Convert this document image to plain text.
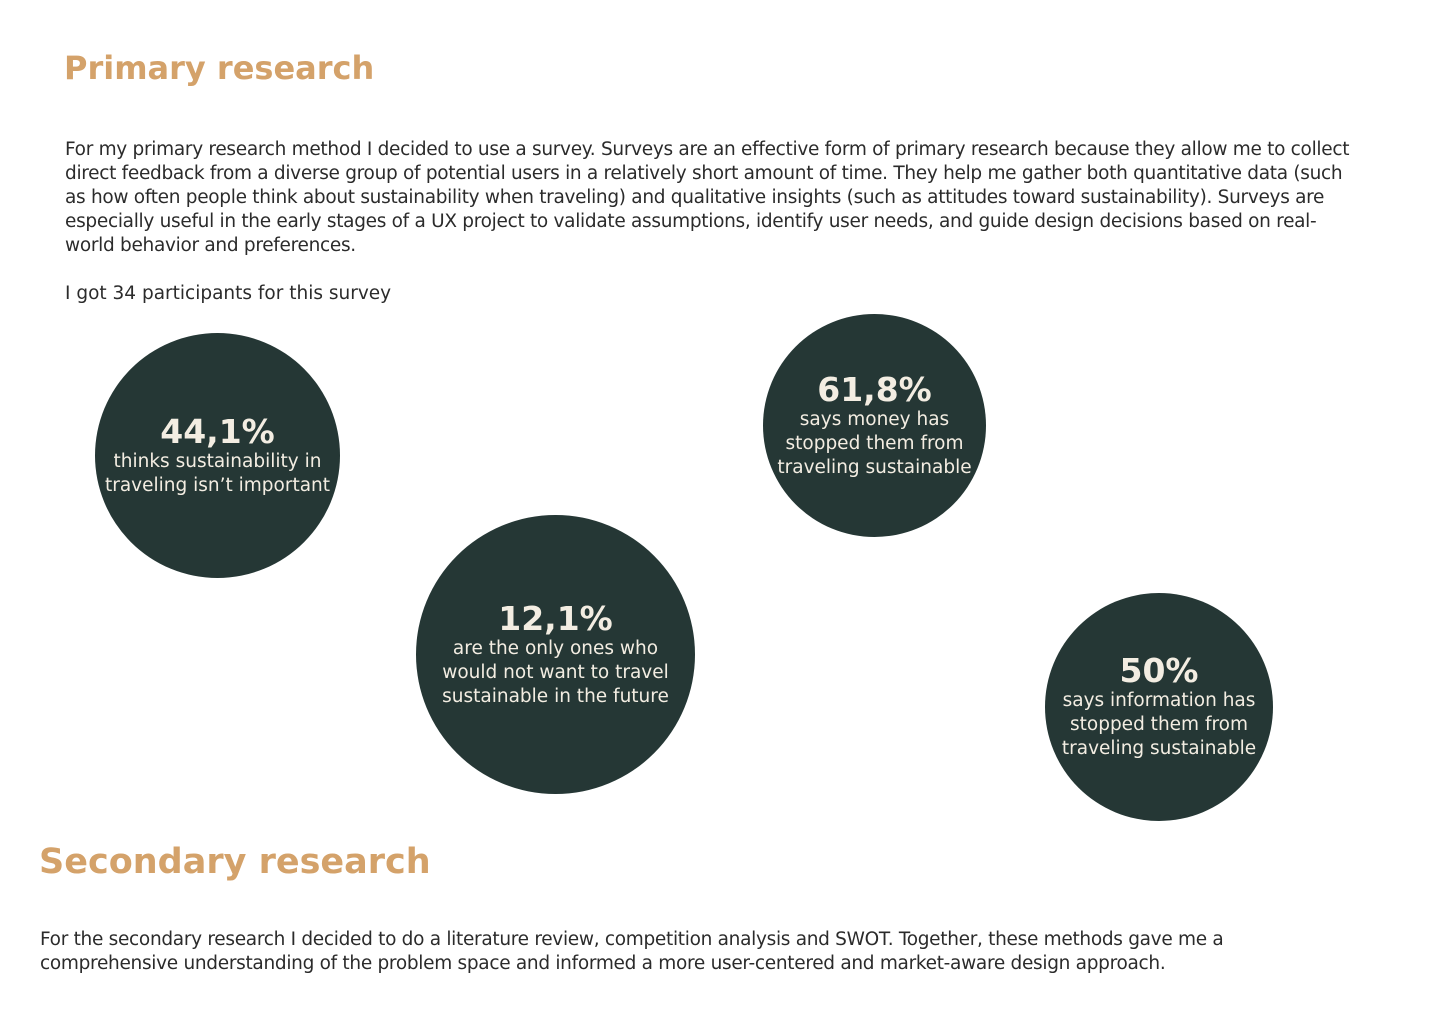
Primary research

For my primary research method I decided to use a survey. Surveys are an effective form of primary research because they allow me to collect direct feedback from a diverse group of potential users in a relatively short amount of time. They help me gather both quantitative data (such as how often people think about sustainability when traveling) and qualitative insights (such as attitudes toward sustainability). Surveys are especially useful in the early stages of a UX project to validate assumptions, identify user needs, and guide design decisions based on real-world behavior and preferences.

I got 34 participants for this survey

44,1%
thinks sustainability in traveling isn’t important
12,1%
are the only ones who would not want to travel sustainable in the future
61,8%
says money has stopped them from traveling sustainable
50%
says information has stopped them from traveling sustainable
Secondary research

For the secondary research I decided to do a literature review, competition analysis and SWOT. Together, these methods gave me a comprehensive understanding of the problem space and informed a more user-centered and market-aware design approach.
